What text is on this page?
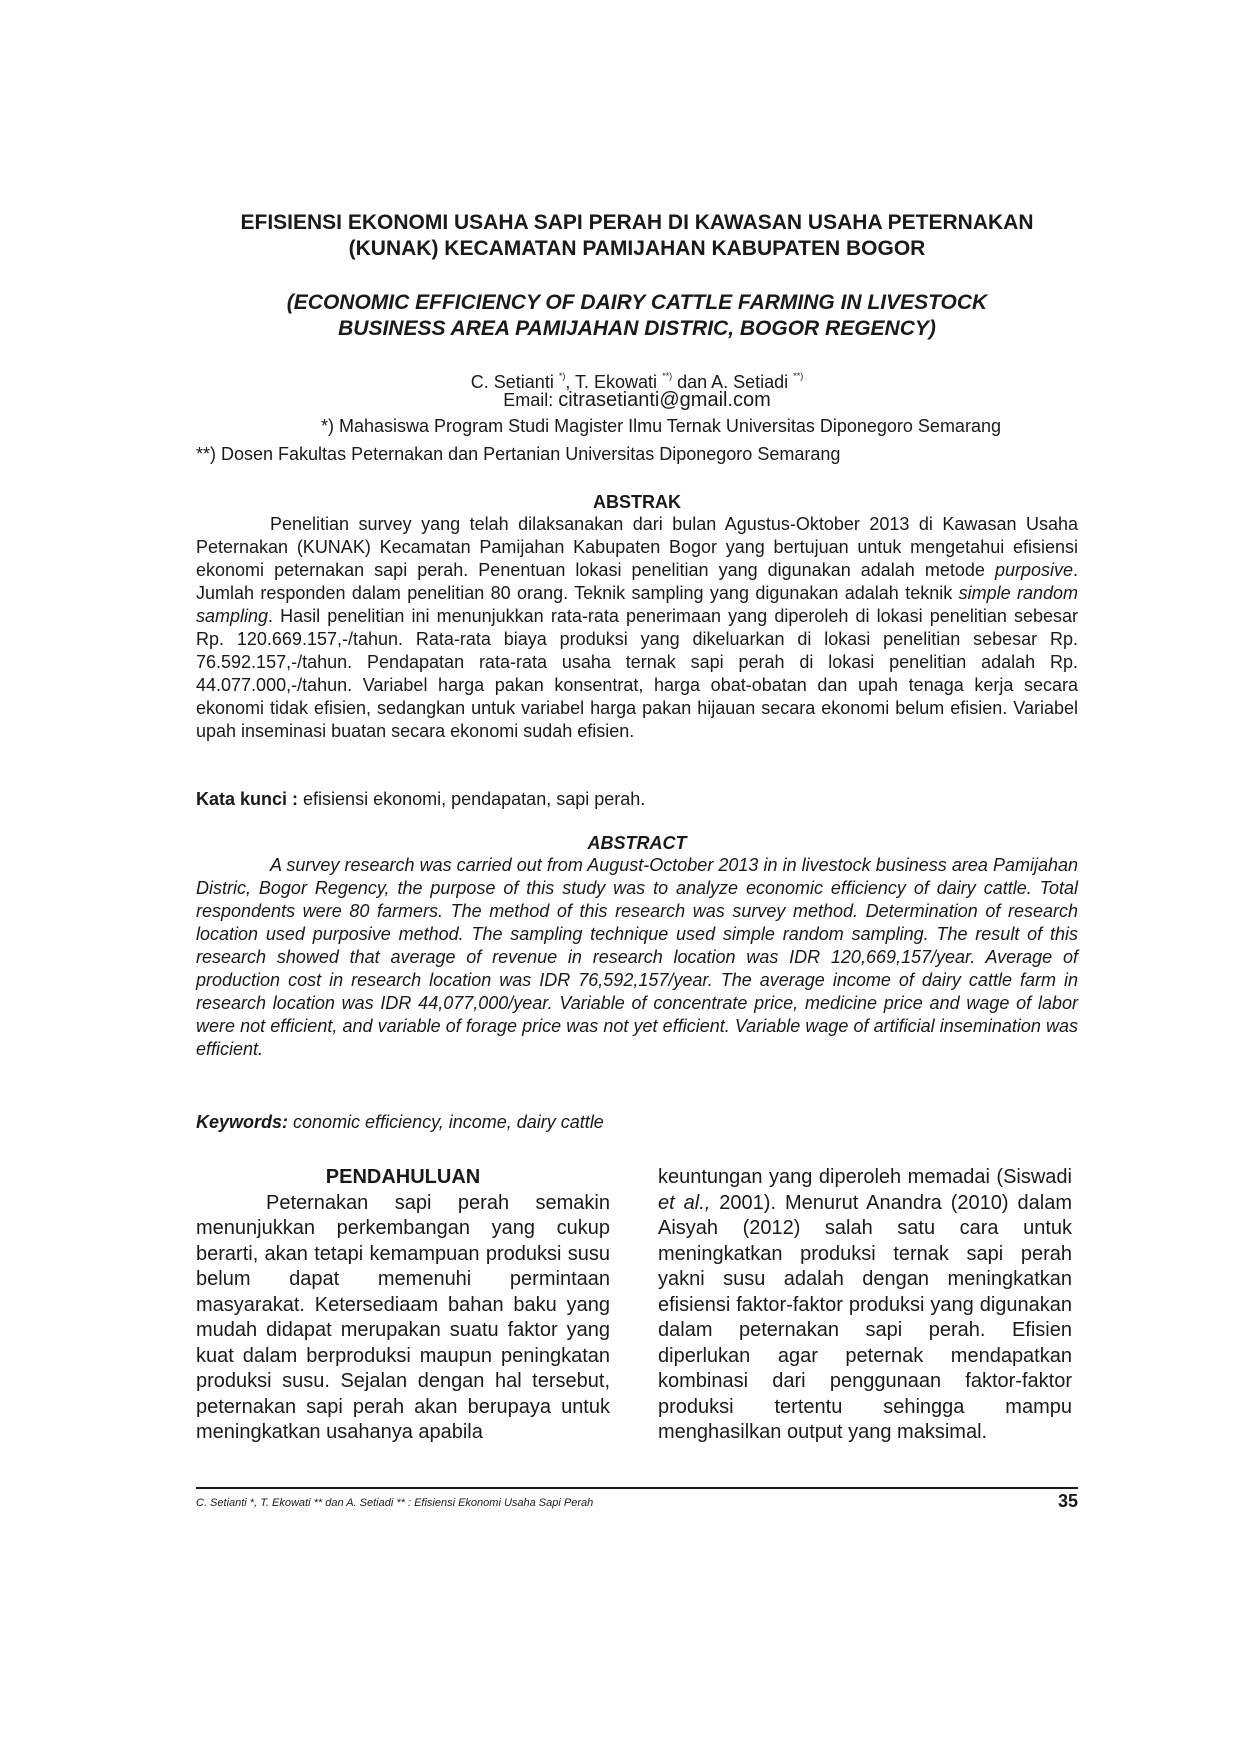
EFISIENSI EKONOMI USAHA SAPI PERAH DI KAWASAN USAHA PETERNAKAN
(KUNAK) KECAMATAN PAMIJAHAN KABUPATEN BOGOR
(ECONOMIC EFFICIENCY OF DAIRY CATTLE FARMING IN LIVESTOCK
BUSINESS AREA PAMIJAHAN DISTRIC, BOGOR REGENCY)
C. Setianti *), T. Ekowati **) dan A. Setiadi **)
Email: citrasetianti@gmail.com
*) Mahasiswa Program Studi Magister Ilmu Ternak Universitas Diponegoro Semarang
**) Dosen Fakultas Peternakan dan Pertanian Universitas Diponegoro Semarang
ABSTRAK

Penelitian survey yang telah dilaksanakan dari bulan Agustus-Oktober 2013 di Kawasan Usaha Peternakan (KUNAK) Kecamatan Pamijahan Kabupaten Bogor yang bertujuan untuk mengetahui efisiensi ekonomi peternakan sapi perah. Penentuan lokasi penelitian yang digunakan adalah metode purposive. Jumlah responden dalam penelitian 80 orang. Teknik sampling yang digunakan adalah teknik simple random sampling. Hasil penelitian ini menunjukkan rata-rata penerimaan yang diperoleh di lokasi penelitian sebesar Rp. 120.669.157,-/tahun. Rata-rata biaya produksi yang dikeluarkan di lokasi penelitian sebesar Rp. 76.592.157,-/tahun. Pendapatan rata-rata usaha ternak sapi perah di lokasi penelitian adalah Rp. 44.077.000,-/tahun. Variabel harga pakan konsentrat, harga obat-obatan dan upah tenaga kerja secara ekonomi tidak efisien, sedangkan untuk variabel harga pakan hijauan secara ekonomi belum efisien. Variabel upah inseminasi buatan secara ekonomi sudah efisien.

Kata kunci : efisiensi ekonomi, pendapatan, sapi perah.
ABSTRACT

A survey research was carried out from August-October 2013 in in livestock business area Pamijahan Distric, Bogor Regency, the purpose of this study was to analyze economic efficiency of dairy cattle. Total respondents were 80 farmers. The method of this research was survey method. Determination of research location used purposive method. The sampling technique used simple random sampling. The result of this research showed that average of revenue in research location was IDR 120,669,157/year. Average of production cost in research location was IDR 76,592,157/year. The average income of dairy cattle farm in research location was IDR 44,077,000/year. Variable of concentrate price, medicine price and wage of labor were not efficient, and variable of forage price was not yet efficient. Variable wage of artificial insemination was efficient.

Keywords: conomic efficiency, income, dairy cattle
PENDAHULUAN

Peternakan sapi perah semakin menunjukkan perkembangan yang cukup berarti, akan tetapi kemampuan produksi susu belum dapat memenuhi permintaan masyarakat. Ketersediaam bahan baku yang mudah didapat merupakan suatu faktor yang kuat dalam berproduksi maupun peningkatan produksi susu. Sejalan dengan hal tersebut, peternakan sapi perah akan berupaya untuk meningkatkan usahanya apabila

keuntungan yang diperoleh memadai (Siswadi et al., 2001). Menurut Anandra (2010) dalam Aisyah (2012) salah satu cara untuk meningkatkan produksi ternak sapi perah yakni susu adalah dengan meningkatkan efisiensi faktor-faktor produksi yang digunakan dalam peternakan sapi perah. Efisien diperlukan agar peternak mendapatkan kombinasi dari penggunaan faktor-faktor produksi tertentu sehingga mampu menghasilkan output yang maksimal.

C. Setianti *, T. Ekowati ** dan A. Setiadi ** : Efisiensi Ekonomi Usaha Sapi Perah	35
